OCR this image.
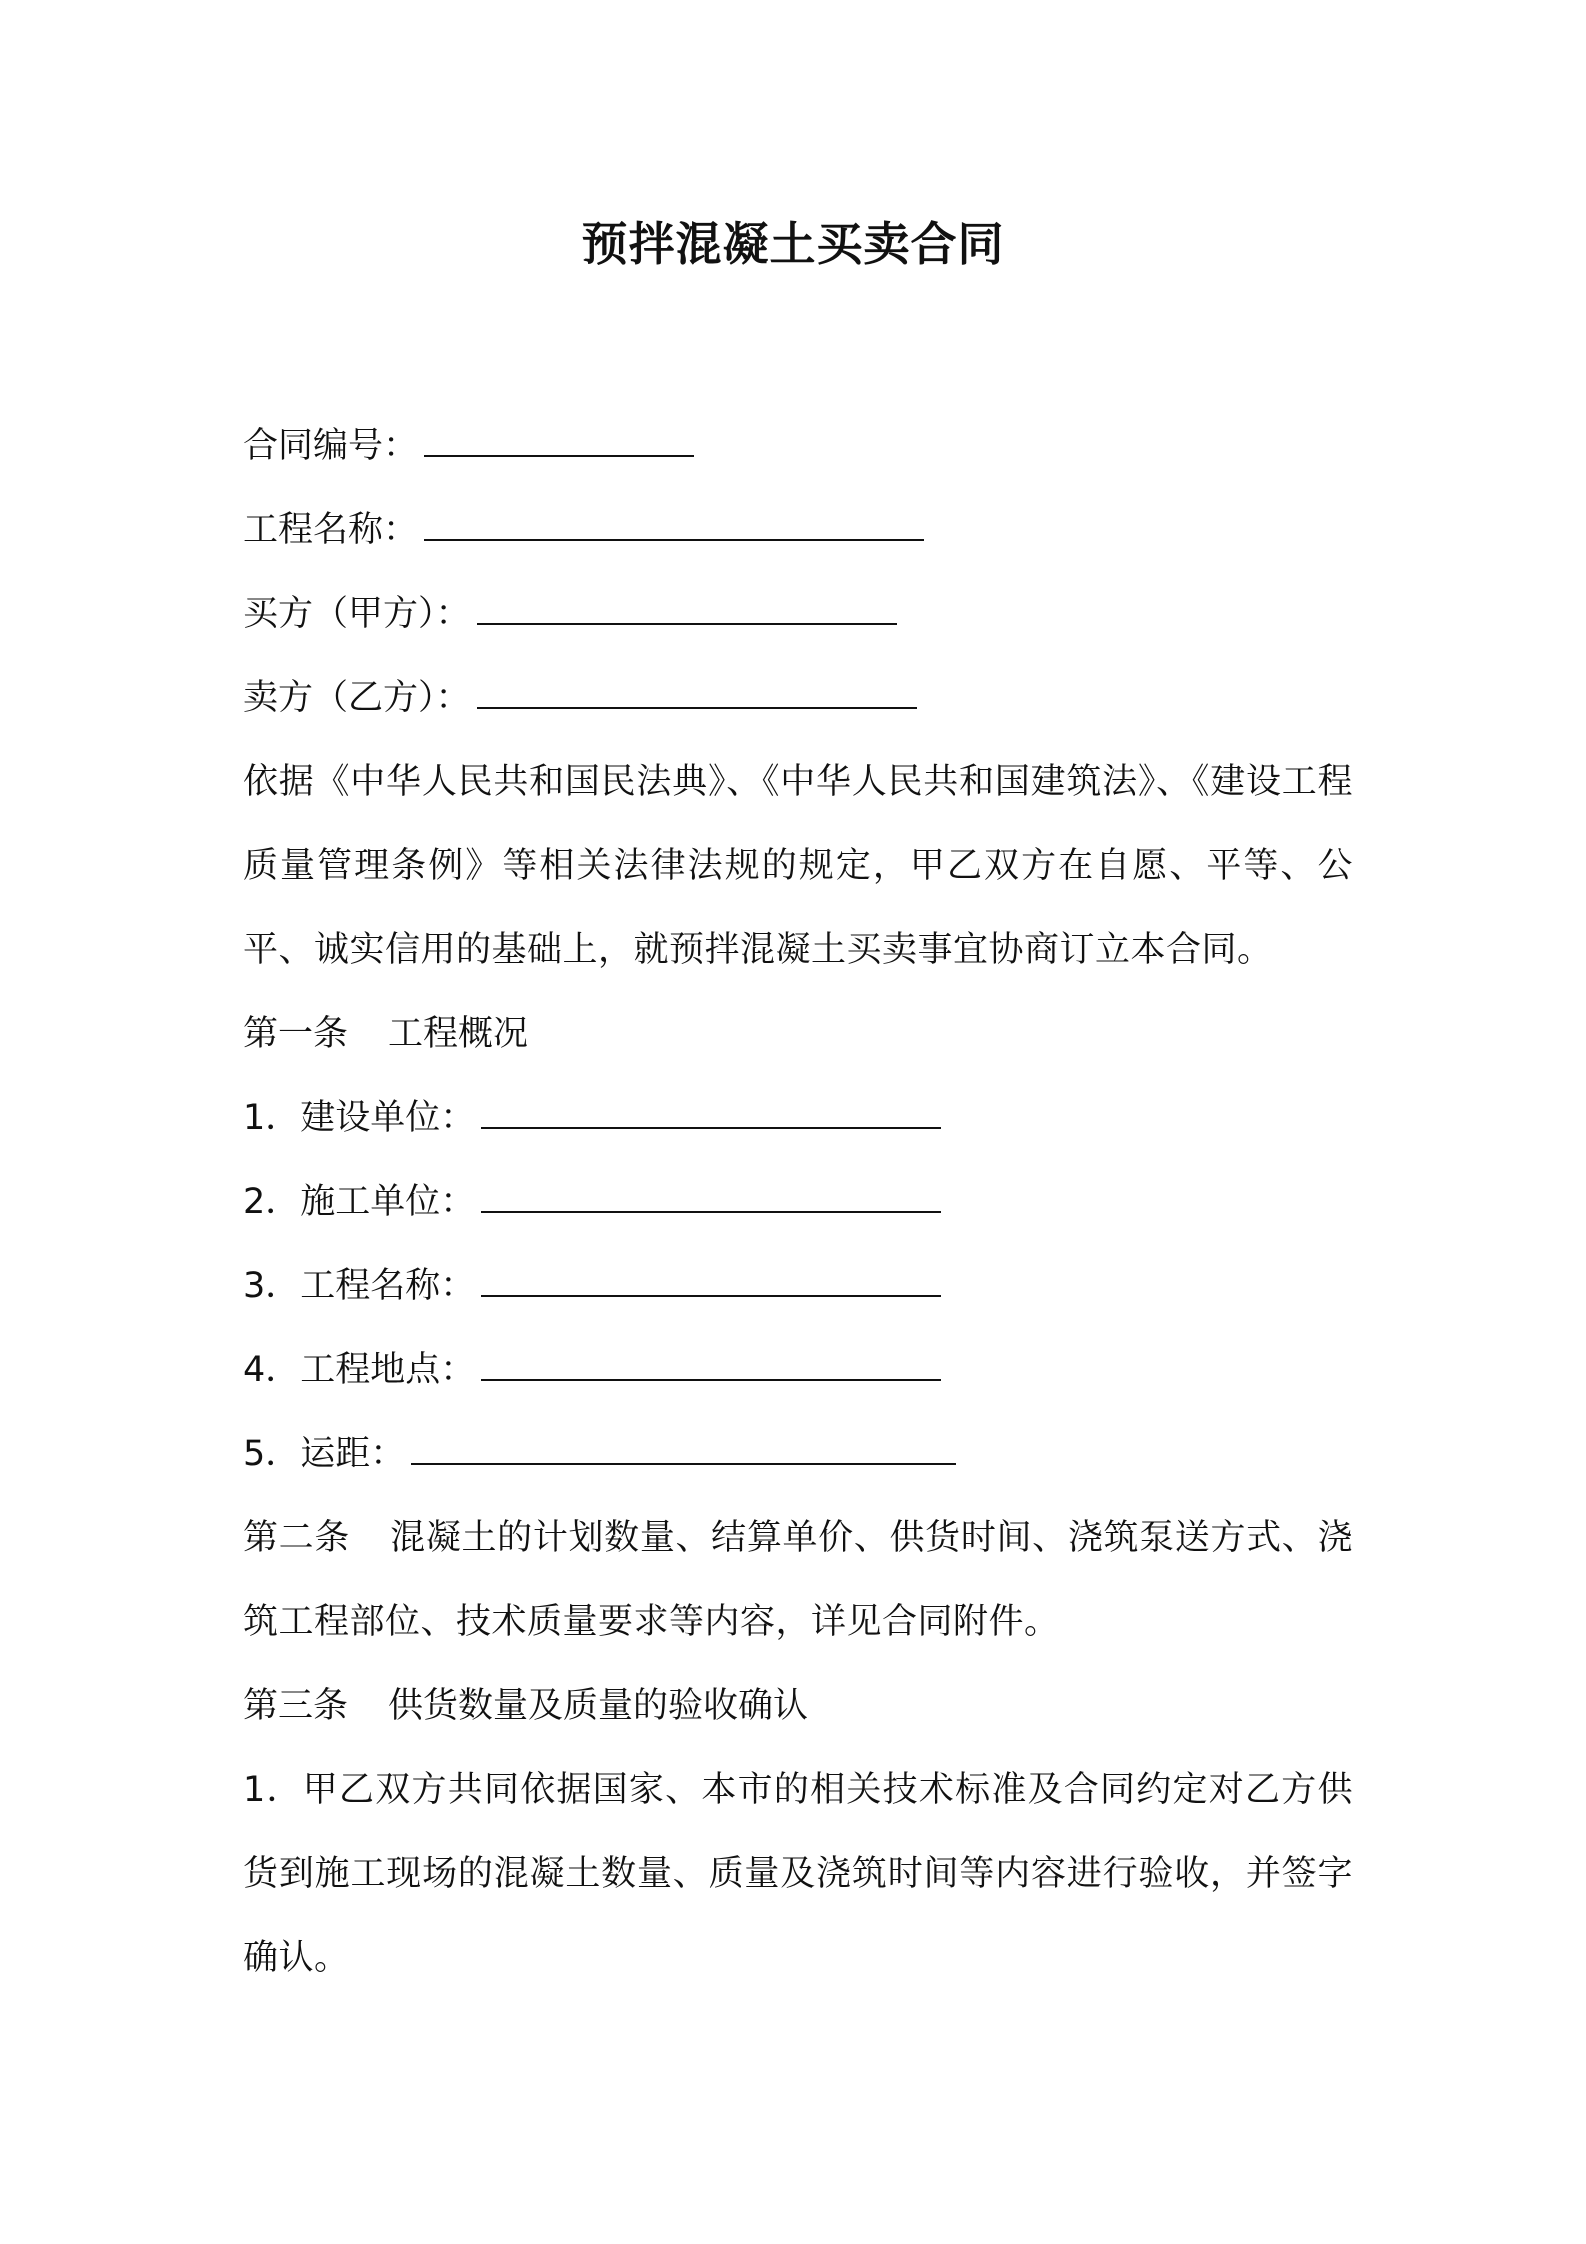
预拌混凝土买卖合同
合同编号：
工程名称：
买方（甲方）：
卖方（乙方）：
依据《中华人民共和国民法典》、《中华人民共和国建筑法》、《建设工程质量管理条例》等相关法律法规的规定，甲乙双方在自愿、平等、公平、诚实信用的基础上，就预拌混凝土买卖事宜协商订立本合同。
第一条 工程概况
1．建设单位：
2．施工单位：
3．工程名称：
4．工程地点：
5．运距：
第二条 混凝土的计划数量、结算单价、供货时间、浇筑泵送方式、浇筑工程部位、技术质量要求等内容，详见合同附件。
第三条 供货数量及质量的验收确认
1．甲乙双方共同依据国家、本市的相关技术标准及合同约定对乙方供货到施工现场的混凝土数量、质量及浇筑时间等内容进行验收，并签字确认。
